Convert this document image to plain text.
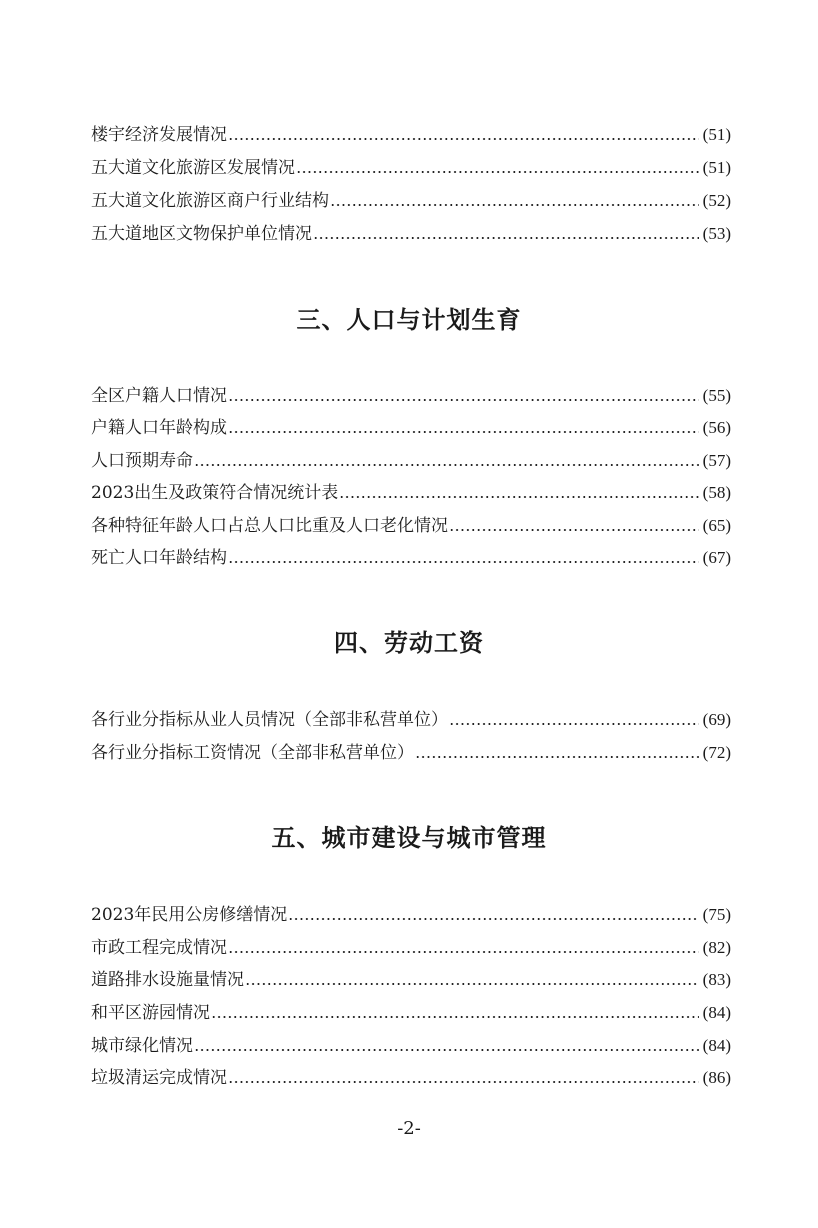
楼宇经济发展情况	(51)
五大道文化旅游区发展情况	(51)
五大道文化旅游区商户行业结构	(52)
五大道地区文物保护单位情况	(53)
三、人口与计划生育
全区户籍人口情况	(55)
户籍人口年龄构成	(56)
人口预期寿命	(57)
2023出生及政策符合情况统计表	(58)
各种特征年龄人口占总人口比重及人口老化情况	(65)
死亡人口年龄结构	(67)
四、劳动工资
各行业分指标从业人员情况（全部非私营单位）	(69)
各行业分指标工资情况（全部非私营单位）	(72)
五、城市建设与城市管理
2023年民用公房修缮情况	(75)
市政工程完成情况	(82)
道路排水设施量情况	(83)
和平区游园情况	(84)
城市绿化情况	(84)
垃圾清运完成情况	(86)
-2-
